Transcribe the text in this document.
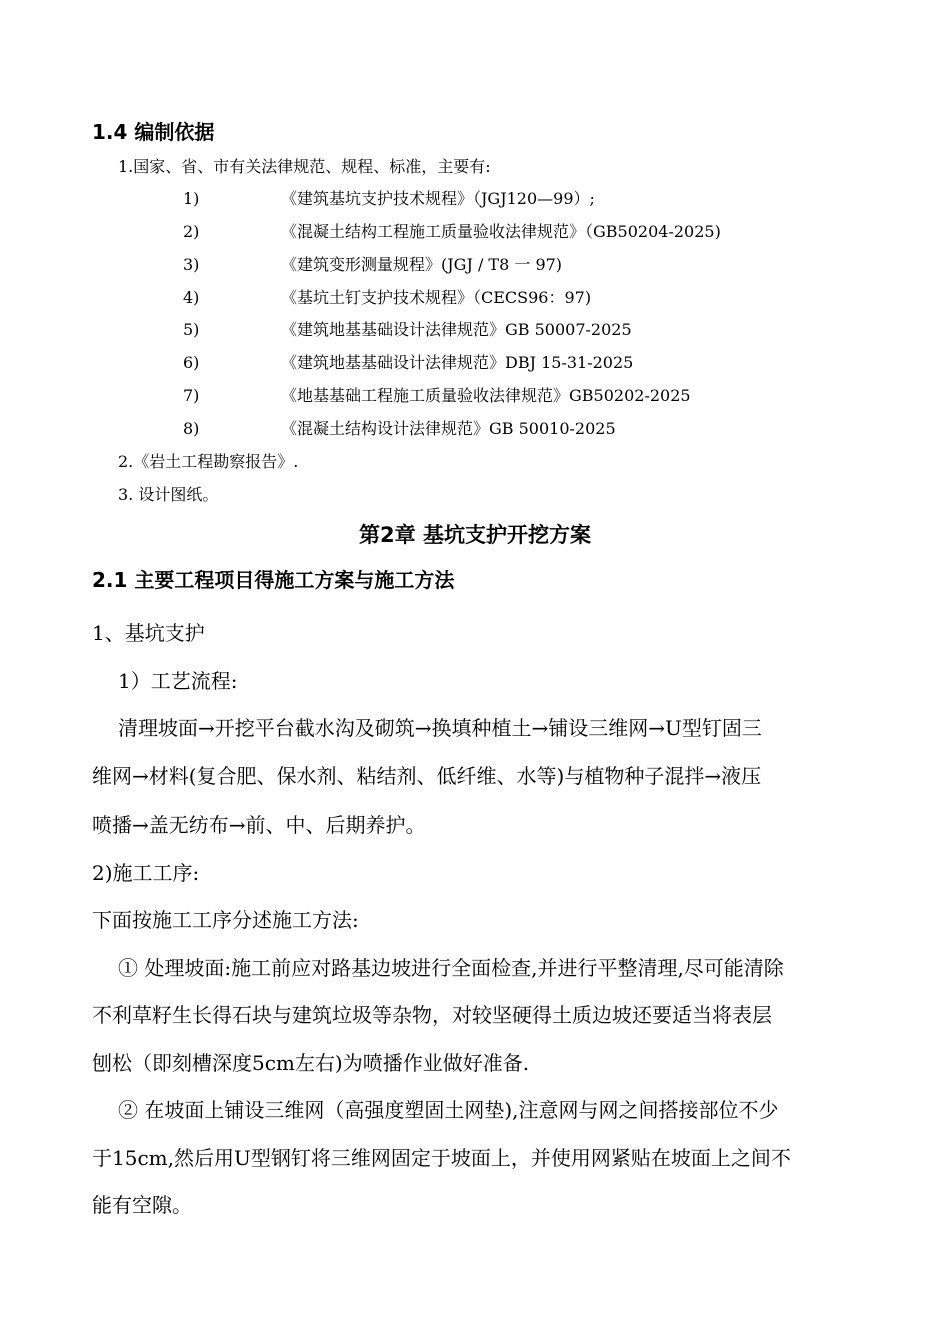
1.4 编制依据
1.国家、省、市有关法律规范、规程、标准，主要有:
1)	《建筑基坑支护技术规程》（JGJ120—99）;
2)	《混凝土结构工程施工质量验收法律规范》（GB50204-2025)
3)	《建筑变形测量规程》(JGJ / T8 一 97)
4)	《基坑土钉支护技术规程》（CECS96：97)
5)	《建筑地基基础设计法律规范》GB 50007-2025
6)	《建筑地基基础设计法律规范》DBJ 15-31-2025
7)	《地基基础工程施工质量验收法律规范》GB50202-2025
8)	《混凝土结构设计法律规范》GB 50010-2025
2.《岩土工程勘察报告》.
3. 设计图纸。
第2章 基坑支护开挖方案
2.1 主要工程项目得施工方案与施工方法
1、基坑支护
1）工艺流程:
清理坡面→开挖平台截水沟及砌筑→换填种植土→铺设三维网→U型钉固三
维网→材料(复合肥、保水剂、粘结剂、低纤维、水等)与植物种子混拌→液压
喷播→盖无纺布→前、中、后期养护。
2)施工工序:
下面按施工工序分述施工方法:
① 处理坡面:施工前应对路基边坡进行全面检查,并进行平整清理,尽可能清除
不利草籽生长得石块与建筑垃圾等杂物，对较坚硬得土质边坡还要适当将表层
刨松（即刻槽深度5cm左右)为喷播作业做好准备.
② 在坡面上铺设三维网（高强度塑固土网垫),注意网与网之间搭接部位不少
于15cm,然后用U型钢钉将三维网固定于坡面上，并使用网紧贴在坡面上之间不
能有空隙。
